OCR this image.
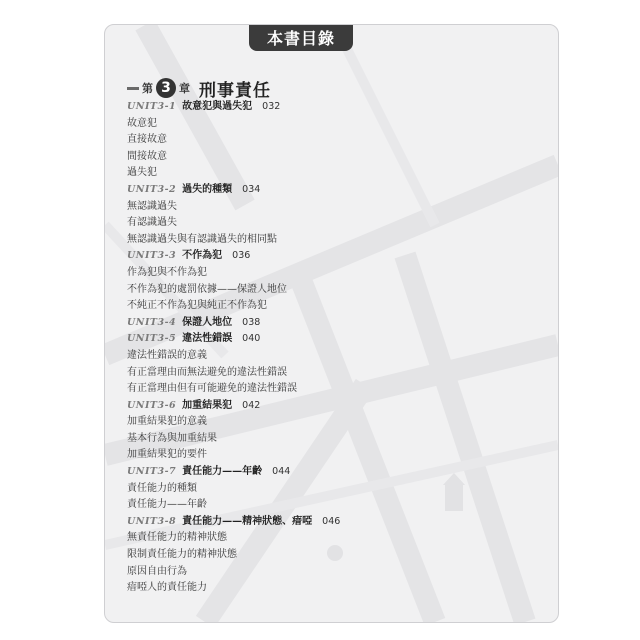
本書目錄
第 3 章 刑事責任
UNIT3-1 故意犯與過失犯 032
故意犯
直接故意
間接故意
過失犯
UNIT3-2 過失的種類 034
無認識過失
有認識過失
無認識過失與有認識過失的相同點
UNIT3-3 不作為犯 036
作為犯與不作為犯
不作為犯的處罰依據——保證人地位
不純正不作為犯與純正不作為犯
UNIT3-4 保證人地位 038
UNIT3-5 違法性錯誤 040
違法性錯誤的意義
有正當理由而無法避免的違法性錯誤
有正當理由但有可能避免的違法性錯誤
UNIT3-6 加重結果犯 042
加重結果犯的意義
基本行為與加重結果
加重結果犯的要件
UNIT3-7 責任能力——年齡 044
責任能力的種類
責任能力——年齡
UNIT3-8 責任能力——精神狀態、瘖啞 046
無責任能力的精神狀態
限制責任能力的精神狀態
原因自由行為
瘖啞人的責任能力
